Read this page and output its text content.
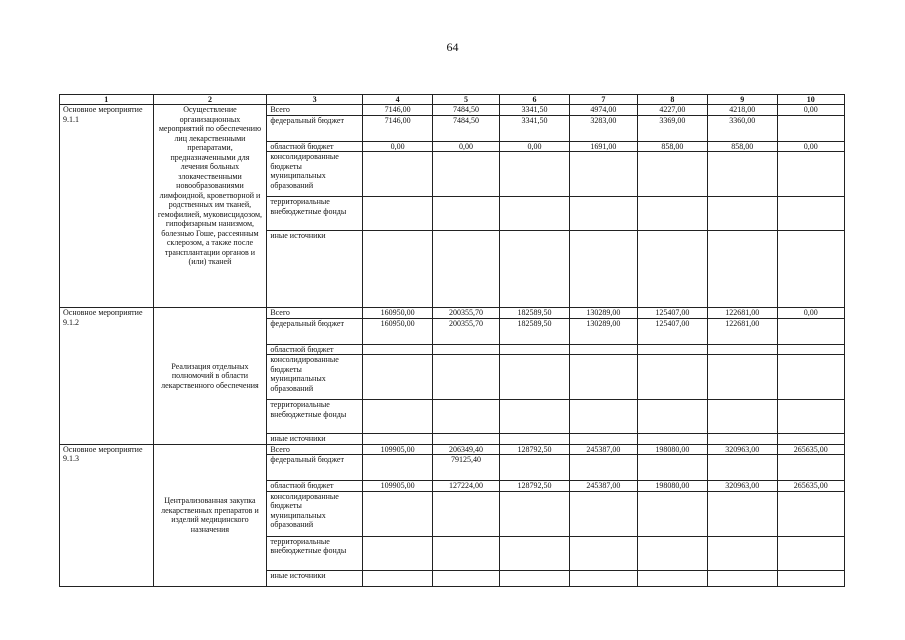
64
1	2	3	4	5	6	7	8	9	10
Основное мероприятие 9.1.1	Осуществление организационных мероприятий по обеспечению лиц лекарственными препаратами, предназначенными для лечения больных злокачественными новообразованиями лимфоидной, кроветворной и родственных им тканей, гемофилией, муковисцидозом, гипофизарным нанизмом, болезнью Гоше, рассеянным склерозом, а также после трансплантации органов и (или) тканей	Всего	7146,00	7484,50	3341,50	4974,00	4227,00	4218,00	0,00
		федеральный бюджет	7146,00	7484,50	3341,50	3283,00	3369,00	3360,00	
		областной бюджет	0,00	0,00	0,00	1691,00	858,00	858,00	0,00
		консолидированные бюджеты муниципальных образований							
		территориальные внебюджетные фонды							
		иные источники							
Основное мероприятие 9.1.2	Реализация отдельных полномочий в области лекарственного обеспечения	Всего	160950,00	200355,70	182589,50	130289,00	125407,00	122681,00	0,00
		федеральный бюджет	160950,00	200355,70	182589,50	130289,00	125407,00	122681,00	
		областной бюджет							
		консолидированные бюджеты муниципальных образований							
		территориальные внебюджетные фонды							
		иные источники							
Основное мероприятие 9.1.3	Централизованная закупка лекарственных препаратов и изделий медицинского назначения	Всего	109905,00	206349,40	128792,50	245387,00	198080,00	320963,00	265635,00
		федеральный бюджет		79125,40					
		областной бюджет	109905,00	127224,00	128792,50	245387,00	198080,00	320963,00	265635,00
		консолидированные бюджеты муниципальных образований							
		территориальные внебюджетные фонды							
		иные источники							
